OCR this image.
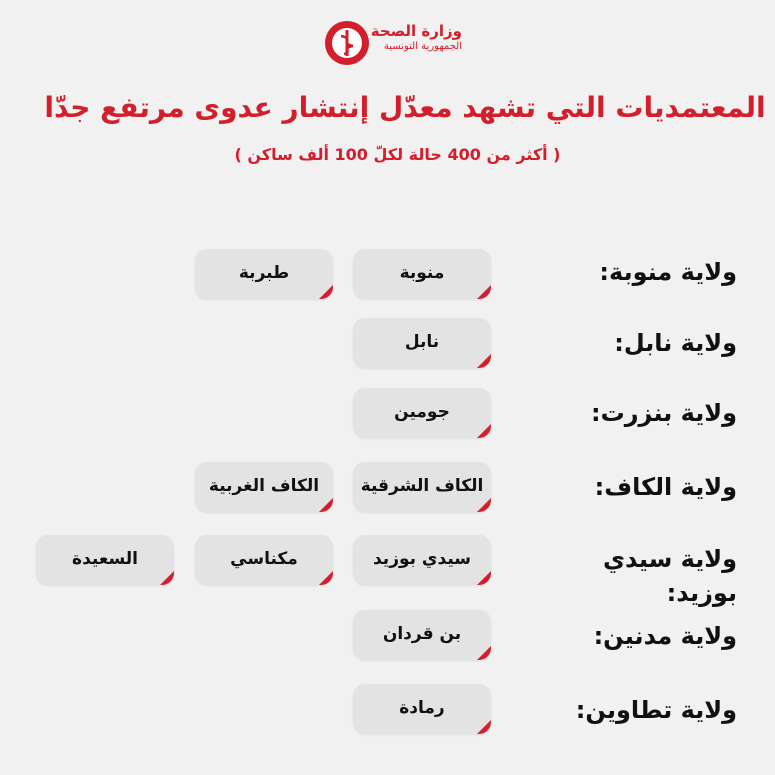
وزارة الصحة
الجمهورية التونسية
المعتمديات التي تشهد معدّل إنتشار عدوى مرتفع جدّا
( أكثر من 400 حالة لكلّ 100 ألف ساكن )
ولاية منوبة:
منوبة
طبربة
ولاية نابل:
نابل
ولاية بنزرت:
جومين
ولاية الكاف:
الكاف الشرقية
الكاف الغربية
ولاية سيدي بوزيد:
سيدي بوزيد
مكناسي
السعيدة
ولاية مدنين:
بن قردان
ولاية تطاوين:
رمادة
